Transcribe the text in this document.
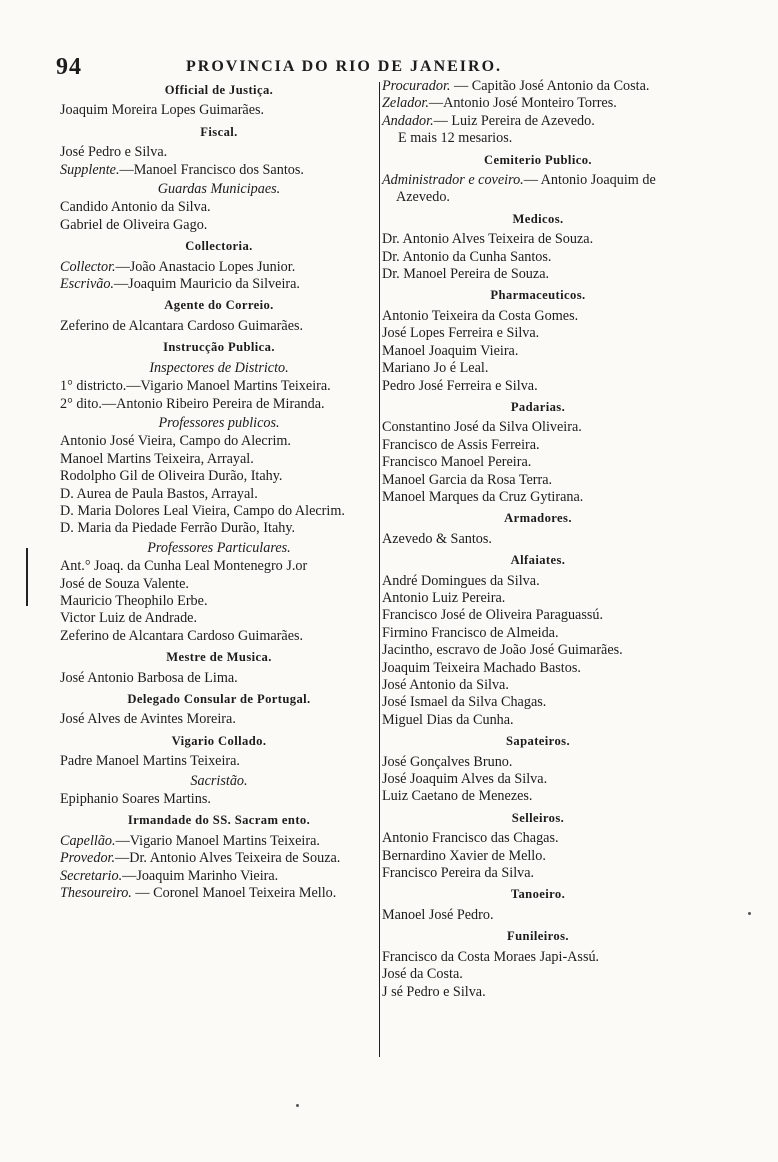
94	PROVINCIA DO RIO DE JANEIRO.
Official de Justiça.

Joaquim Moreira Lopes Guimarães.

Fiscal.

José Pedro e Silva.

Supplente.—Manoel Francisco dos Santos.

Guardas Municipaes.

Candido Antonio da Silva.

Gabriel de Oliveira Gago.

Collectoria.

Collector.—João Anastacio Lopes Junior.

Escrivão.—Joaquim Mauricio da Silveira.

Agente do Correio.

Zeferino de Alcantara Cardoso Guimarães.

Instrucção Publica.
Inspectores de Districto.

1° districto.—Vigario Manoel Martins Teixeira.

2° dito.—Antonio Ribeiro Pereira de Miranda.

Professores publicos.

Antonio José Vieira, Campo do Alecrim.

Manoel Martins Teixeira, Arrayal.

Rodolpho Gil de Oliveira Durão, Itahy.

D. Aurea de Paula Bastos, Arrayal.

D. Maria Dolores Leal Vieira, Campo do Alecrim.

D. Maria da Piedade Ferrão Durão, Itahy.

Professores Particulares.

Ant.° Joaq. da Cunha Leal Montenegro J.or

José de Souza Valente.

Mauricio Theophilo Erbe.

Victor Luiz de Andrade.

Zeferino de Alcantara Cardoso Guimarães.

Mestre de Musica.

José Antonio Barbosa de Lima.

Delegado Consular de Portugal.

José Alves de Avintes Moreira.

Vigario Collado.

Padre Manoel Martins Teixeira.

Sacristão.

Epiphanio Soares Martins.

Irmandade do SS. Sacram ento.

Capellão.—Vigario Manoel Martins Teixeira.

Provedor.—Dr. Antonio Alves Teixeira de Souza.

Secretario.—Joaquim Marinho Vieira.

Thesoureiro. — Coronel Manoel Teixeira Mello.

Procurador. — Capitão José Antonio da Costa.

Zelador.—Antonio José Monteiro Torres.

Andador.— Luiz Pereira de Azevedo.

E mais 12 mesarios.

Cemiterio Publico.

Administrador e coveiro.— Antonio Joaquim de Azevedo.

Medicos.

Dr. Antonio Alves Teixeira de Souza.

Dr. Antonio da Cunha Santos.

Dr. Manoel Pereira de Souza.

Pharmaceuticos.

Antonio Teixeira da Costa Gomes.

José Lopes Ferreira e Silva.

Manoel Joaquim Vieira.

Mariano Jo é Leal.

Pedro José Ferreira e Silva.

Padarias.

Constantino José da Silva Oliveira.

Francisco de Assis Ferreira.

Francisco Manoel Pereira.

Manoel Garcia da Rosa Terra.

Manoel Marques da Cruz Gytirana.

Armadores.

Azevedo & Santos.

Alfaiates.

André Domingues da Silva.

Antonio Luiz Pereira.

Francisco José de Oliveira Paraguassú.

Firmino Francisco de Almeida.

Jacintho, escravo de João José Guimarães.

Joaquim Teixeira Machado Bastos.

José Antonio da Silva.

José Ismael da Silva Chagas.

Miguel Dias da Cunha.

Sapateiros.

José Gonçalves Bruno.

José Joaquim Alves da Silva.

Luiz Caetano de Menezes.

Selleiros.

Antonio Francisco das Chagas.

Bernardino Xavier de Mello.

Francisco Pereira da Silva.

Tanoeiro.

Manoel José Pedro.

Funileiros.

Francisco da Costa Moraes Japi-Assú.

José da Costa.

J sé Pedro e Silva.
